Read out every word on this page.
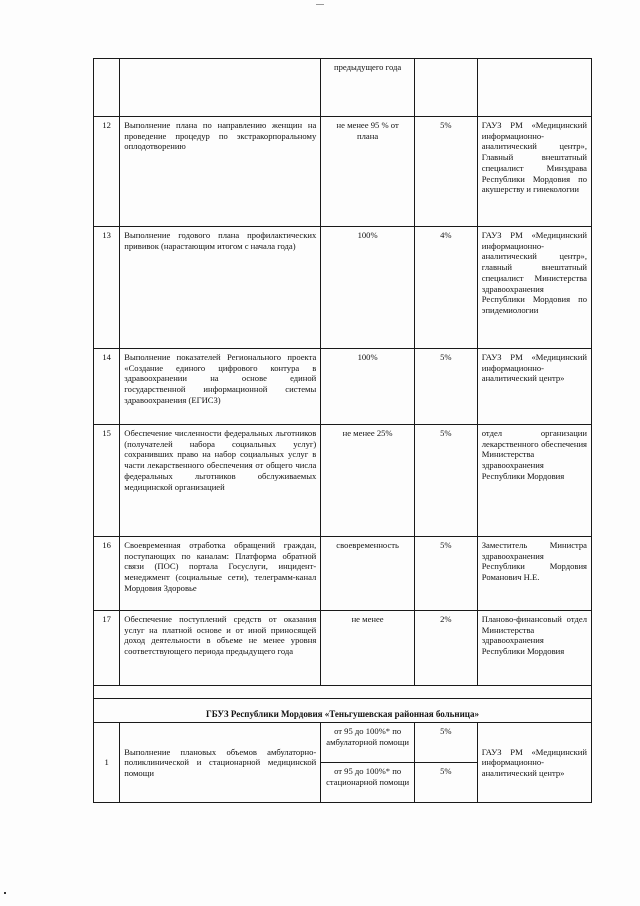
		предыдущего года		
12	Выполнение плана по направлению женщин на проведение процедур по экстракорпоральному оплодотворению	не менее 95 % от плана	5%	ГАУЗ РМ «Медицинский информационно-аналитический центр», Главный внештатный специалист Минздрава Республики Мордовия по акушерству и гинекологии
13	Выполнение годового плана профилактических прививок (нарастающим итогом с начала года)	100%	4%	ГАУЗ РМ «Медицинский информационно-аналитический центр», главный внештатный специалист Министерства здравоохранения Республики Мордовия по эпидемиологии
14	Выполнение показателей Регионального проекта «Создание единого цифрового контура в здравоохранении на основе единой государственной информационной системы здравоохранения (ЕГИСЗ)	100%	5%	ГАУЗ РМ «Медицинский информационно-аналитический центр»
15	Обеспечение численности федеральных льготников (получателей набора социальных услуг) сохранивших право на набор социальных услуг в части лекарственного обеспечения от общего числа федеральных льготников обслуживаемых медицинской организацией	не менее 25%	5%	отдел организации лекарственного обеспечения Министерства здравоохранения Республики Мордовия
16	Своевременная отработка обращений граждан, поступающих по каналам: Платформа обратной связи (ПОС) портала Госуслуги, инцидент-менеджмент (социальные сети), телеграмм-канал Мордовия Здоровье	своевременность	5%	Заместитель Министра здравоохранения Республики Мордовия Романович Н.Е.
17	Обеспечение поступлений средств от оказания услуг на платной основе и от иной приносящей доход деятельности в объеме не менее уровня соответствующего периода предыдущего года	не менее	2%	Планово-финансовый отдел Министерства здравоохранения Республики Мордовия

ГБУЗ Республики Мордовия «Теньгушевская районная больница»				
1	Выполнение плановых объемов амбулаторно-поликлинической и стационарной медицинской помощи	от 95 до 100%* по амбулаторной помощи	5%	ГАУЗ РМ «Медицинский информационно-аналитический центр»
		от 95 до 100%* по стационарной помощи	5%	
